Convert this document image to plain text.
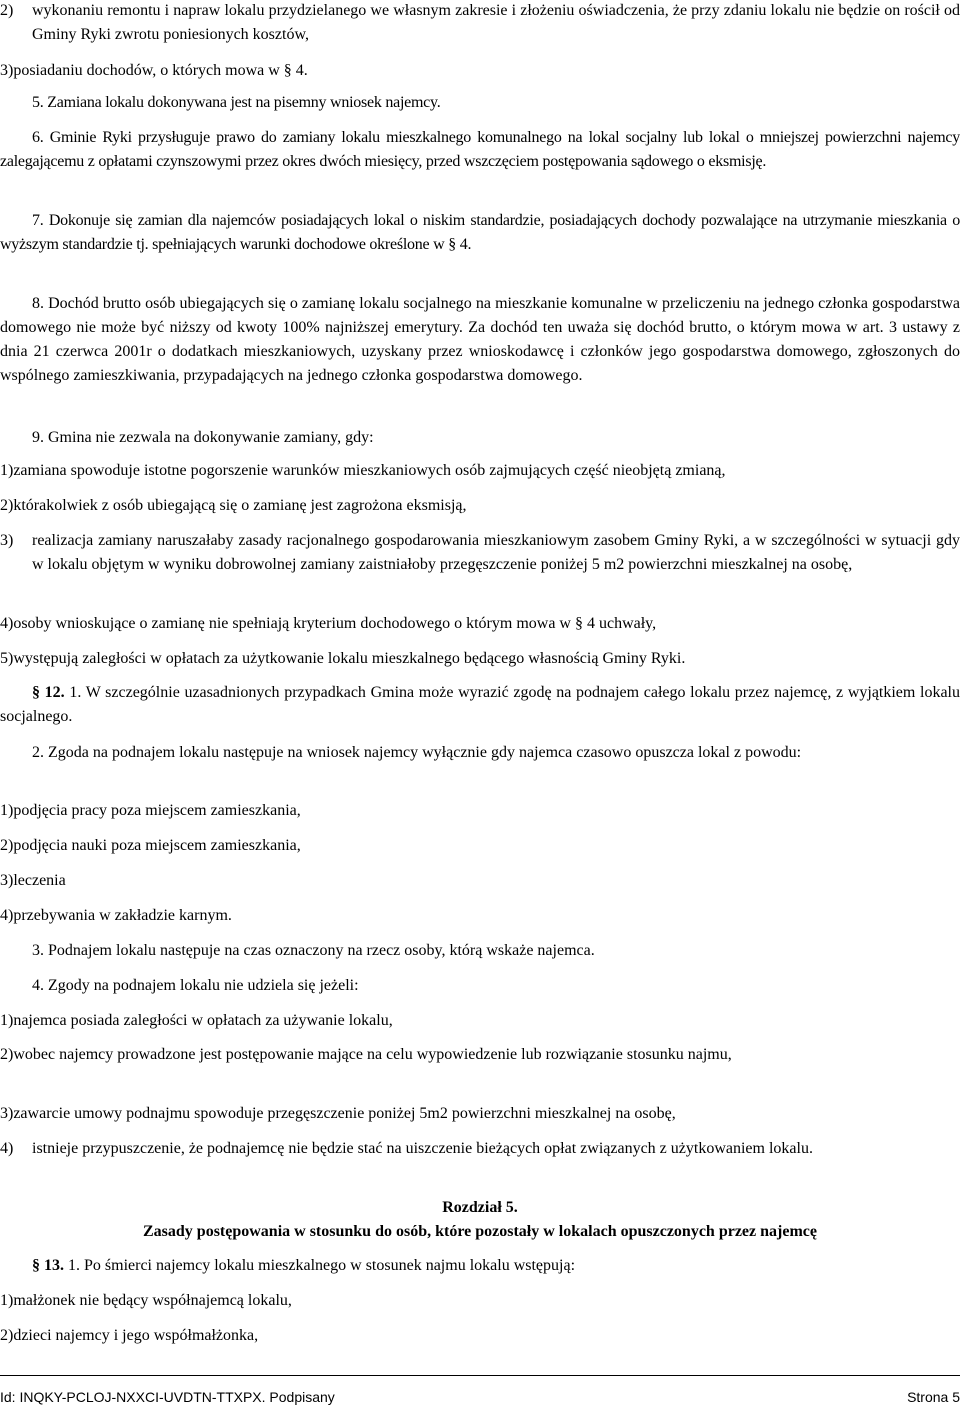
2)	wykonaniu remontu i napraw lokalu przydzielanego we własnym zakresie i złożeniu oświadczenia, że przy zdaniu lokalu nie będzie on rościł od Gminy Ryki zwrotu poniesionych kosztów,
3) posiadaniu dochodów, o których mowa w § 4.

5. Zamiana lokalu dokonywana jest na pisemny wniosek najemcy.

6. Gminie Ryki przysługuje prawo do zamiany lokalu mieszkalnego komunalnego na lokal socjalny lub lokal o mniejszej powierzchni najemcy zalegającemu z opłatami czynszowymi przez okres dwóch miesięcy, przed wszczęciem postępowania sądowego o eksmisję.

7. Dokonuje się zamian dla najemców posiadających lokal o niskim standardzie, posiadających dochody pozwalające na utrzymanie mieszkania o wyższym standardzie tj. spełniających warunki dochodowe określone w § 4.

8. Dochód brutto osób ubiegających się o zamianę lokalu socjalnego na mieszkanie komunalne w przeliczeniu na jednego członka gospodarstwa domowego nie może być niższy od kwoty 100% najniższej emerytury. Za dochód ten uważa się dochód brutto, o którym mowa w art. 3 ustawy z dnia 21 czerwca 2001r o dodatkach mieszkaniowych, uzyskany przez wnioskodawcę i członków jego gospodarstwa domowego, zgłoszonych do wspólnego zamieszkiwania, przypadających na jednego członka gospodarstwa domowego.

9. Gmina nie zezwala na dokonywanie zamiany, gdy:

1) zamiana spowoduje istotne pogorszenie warunków mieszkaniowych osób zajmujących część nieobjętą zmianą,
2) którakolwiek z osób ubiegającą się o zamianę jest zagrożona eksmisją,
3)	realizacja zamiany naruszałaby zasady racjonalnego gospodarowania mieszkaniowym zasobem Gminy Ryki, a w szczególności w sytuacji gdy w lokalu objętym w wyniku dobrowolnej zamiany zaistniałoby przegęszczenie poniżej 5 m2 powierzchni mieszkalnej na osobę,
4) osoby wnioskujące o zamianę nie spełniają kryterium dochodowego o którym mowa w § 4 uchwały,
5) występują zaległości w opłatach za użytkowanie lokalu mieszkalnego będącego własnością Gminy Ryki.

§ 12. 1. W szczególnie uzasadnionych przypadkach Gmina może wyrazić zgodę na podnajem całego lokalu przez najemcę, z wyjątkiem lokalu socjalnego.

2. Zgoda na podnajem lokalu następuje na wniosek najemcy wyłącznie gdy najemca czasowo opuszcza lokal z powodu:

1) podjęcia pracy poza miejscem zamieszkania,
2) podjęcia nauki poza miejscem zamieszkania,
3) leczenia
4) przebywania w zakładzie karnym.

3. Podnajem lokalu następuje na czas oznaczony na rzecz osoby, którą wskaże najemca.

4. Zgody na podnajem lokalu nie udziela się jeżeli:

1) najemca posiada zaległości w opłatach za używanie lokalu,
2) wobec najemcy prowadzone jest postępowanie mające na celu wypowiedzenie lub rozwiązanie stosunku najmu,
3) zawarcie umowy podnajmu spowoduje przegęszczenie poniżej 5m2 powierzchni mieszkalnej na osobę,
4)	istnieje przypuszczenie, że podnajemcę nie będzie stać na uiszczenie bieżących opłat związanych z użytkowaniem lokalu.

Rozdział 5.

Zasady postępowania w stosunku do osób, które pozostały w lokalach opuszczonych przez najemcę

§ 13. 1. Po śmierci najemcy lokalu mieszkalnego w stosunek najmu lokalu wstępują:

1) małżonek nie będący współnajemcą lokalu,
2) dzieci najemcy i jego współmałżonka,
Id: INQKY-PCLOJ-NXXCI-UVDTN-TTXPX. Podpisany	Strona 5
